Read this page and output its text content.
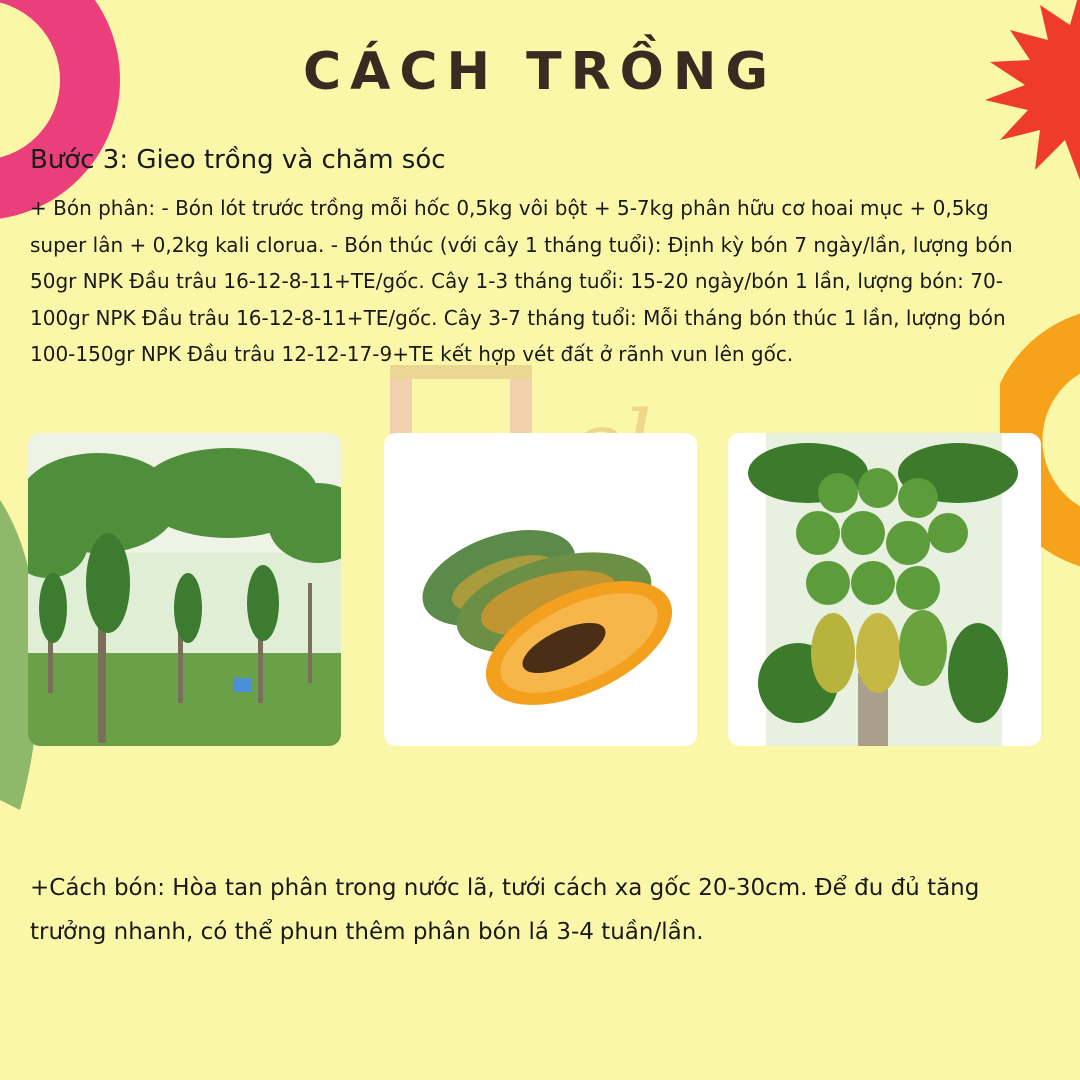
CÁCH TRỒNG
Bước 3: Gieo trồng và chăm sóc
+ Bón phân: - Bón lót trước trồng mỗi hốc 0,5kg vôi bột + 5-7kg phân hữu cơ hoai mục + 0,5kg super lân + 0,2kg kali clorua. - Bón thúc (với cây 1 tháng tuổi): Định kỳ bón 7 ngày/lần, lượng bón 50gr NPK Đầu trâu 16-12-8-11+TE/gốc. Cây 1-3 tháng tuổi: 15-20 ngày/bón 1 lần, lượng bón: 70-100gr NPK Đầu trâu 16-12-8-11+TE/gốc. Cây 3-7 tháng tuổi: Mỗi tháng bón thúc 1 lần, lượng bón 100-150gr NPK Đầu trâu 12-12-17-9+TE kết hợp vét đất ở rãnh vun lên gốc.
+Cách bón: Hòa tan phân trong nước lã, tưới cách xa gốc 20-30cm. Để đu đủ tăng trưởng nhanh, có thể phun thêm phân bón lá 3-4 tuần/lần.
